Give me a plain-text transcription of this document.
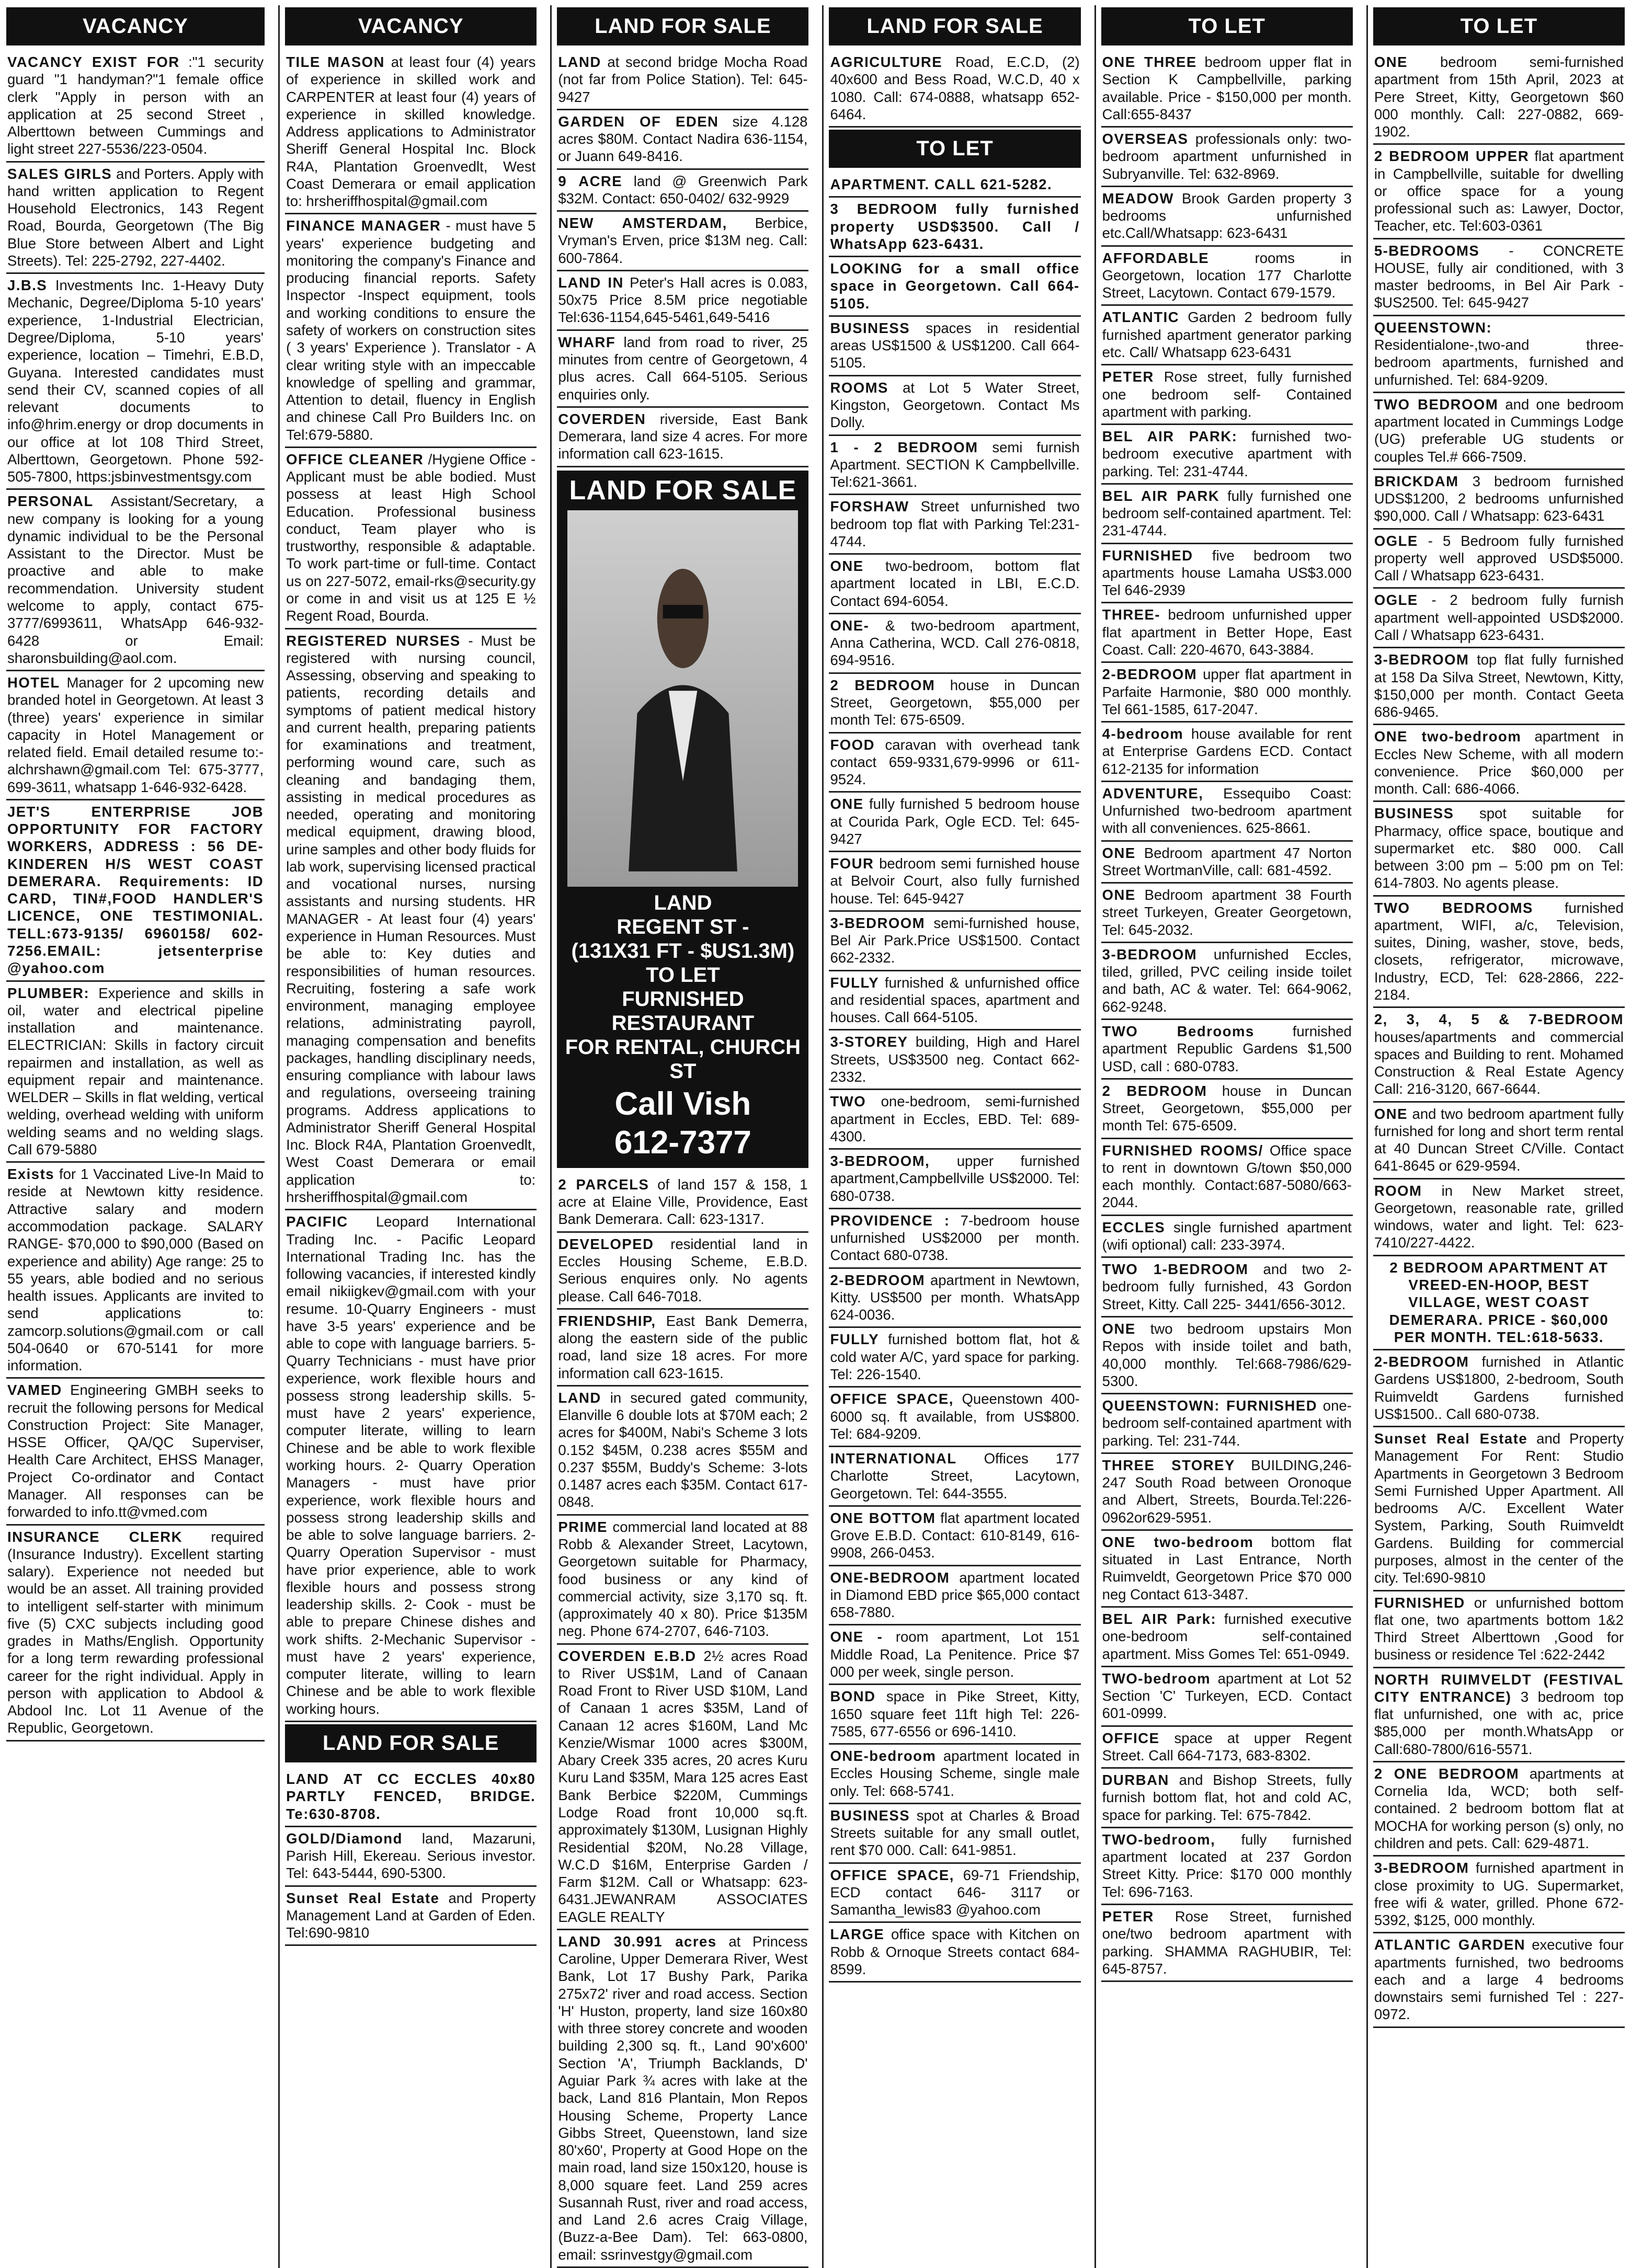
VACANCY
VACANCY EXIST FOR :"1 security guard "1 handyman?"1 female office clerk "Apply in person with an application at 25 second Street , Alberttown between Cummings and light street 227-5536/223-0504.
SALES GIRLS and Porters. Apply with hand written application to Regent Household Electronics, 143 Regent Road, Bourda, Georgetown (The Big Blue Store between Albert and Light Streets). Tel: 225-2792, 227-4402.
J.B.S Investments Inc. 1-Heavy Duty Mechanic, Degree/Diploma 5-10 years' experience, 1-Industrial Electrician, Degree/Diploma, 5-10 years' experience, location – Timehri, E.B.D, Guyana. Interested candidates must send their CV, scanned copies of all relevant documents to info@hrim.energy or drop documents in our office at lot 108 Third Street, Alberttown, Georgetown. Phone 592-505-7800, https:jsbinvestmentsgy.com
PERSONAL Assistant/Secretary, a new company is looking for a young dynamic individual to be the Personal Assistant to the Director. Must be proactive and able to make recommendation. University student welcome to apply, contact 675-3777/6993611, WhatsApp 646-932-6428 or Email: sharonsbuilding@aol.com.
HOTEL Manager for 2 upcoming new branded hotel in Georgetown. At least 3 (three) years' experience in similar capacity in Hotel Management or related field. Email detailed resume to:- alchrshawn@gmail.com Tel: 675-3777, 699-3611, whatsapp 1-646-932-6428.
JET'S ENTERPRISE JOB OPPORTUNITY FOR FACTORY WORKERS, ADDRESS : 56 DE-KINDEREN H/S WEST COAST DEMERARA. Requirements: ID CARD, TIN#,FOOD HANDLER'S LICENCE, ONE TESTIMONIAL. TELL:673-9135/ 6960158/ 602-7256.EMAIL: jetsenterprise @yahoo.com
PLUMBER: Experience and skills in oil, water and electrical pipeline installation and maintenance. ELECTRICIAN: Skills in factory circuit repairmen and installation, as well as equipment repair and maintenance. WELDER – Skills in flat welding, vertical welding, overhead welding with uniform welding seams and no welding slags. Call 679-5880
Exists for 1 Vaccinated Live-In Maid to reside at Newtown kitty residence. Attractive salary and modern accommodation package. SALARY RANGE- $70,000 to $90,000 (Based on experience and ability) Age range: 25 to 55 years, able bodied and no serious health issues. Applicants are invited to send applications to: zamcorp.solutions@gmail.com or call 504-0640 or 670-5141 for more information.
VAMED Engineering GMBH seeks to recruit the following persons for Medical Construction Project: Site Manager, HSSE Officer, QA/QC Superviser, Health Care Architect, EHSS Manager, Project Co-ordinator and Contact Manager. All responses can be forwarded to info.tt@vmed.com
INSURANCE CLERK required (Insurance Industry). Excellent starting salary). Experience not needed but would be an asset. All training provided to intelligent self-starter with minimum five (5) CXC subjects including good grades in Maths/English. Opportunity for a long term rewarding professional career for the right individual. Apply in person with application to Abdool & Abdool Inc. Lot 11 Avenue of the Republic, Georgetown.
VACANCY
TILE MASON at least four (4) years of experience in skilled work and CARPENTER at least four (4) years of experience in skilled knowledge. Address applications to Administrator Sheriff General Hospital Inc. Block R4A, Plantation Groenvedlt, West Coast Demerara or email application to: hrsheriffhospital@gmail.com
FINANCE MANAGER - must have 5 years' experience budgeting and monitoring the company's Finance and producing financial reports. Safety Inspector -Inspect equipment, tools and working conditions to ensure the safety of workers on construction sites ( 3 years' Experience ). Translator - A clear writing style with an impeccable knowledge of spelling and grammar, Attention to detail, fluency in English and chinese Call Pro Builders Inc. on Tel:679-5880.
OFFICE CLEANER /Hygiene Office - Applicant must be able bodied. Must possess at least High School Education. Professional business conduct, Team player who is trustworthy, responsible & adaptable. To work part-time or full-time. Contact us on 227-5072, email-rks@security.gy or come in and visit us at 125 E ½ Regent Road, Bourda.
REGISTERED NURSES - Must be registered with nursing council, Assessing, observing and speaking to patients, recording details and symptoms of patient medical history and current health, preparing patients for examinations and treatment, performing wound care, such as cleaning and bandaging them, assisting in medical procedures as needed, operating and monitoring medical equipment, drawing blood, urine samples and other body fluids for lab work, supervising licensed practical and vocational nurses, nursing assistants and nursing students. HR MANAGER - At least four (4) years' experience in Human Resources. Must be able to: Key duties and responsibilities of human resources. Recruiting, fostering a safe work environment, managing employee relations, administrating payroll, managing compensation and benefits packages, handling disciplinary needs, ensuring compliance with labour laws and regulations, overseeing training programs. Address applications to Administrator Sheriff General Hospital Inc. Block R4A, Plantation Groenvedlt, West Coast Demerara or email application to: hrsheriffhospital@gmail.com
PACIFIC Leopard International Trading Inc. - Pacific Leopard International Trading Inc. has the following vacancies, if interested kindly email nikiigkev@gmail.com with your resume. 10-Quarry Engineers - must have 3-5 years' experience and be able to cope with language barriers. 5-Quarry Technicians - must have prior experience, work flexible hours and possess strong leadership skills. 5-must have 2 years' experience, computer literate, willing to learn Chinese and be able to work flexible working hours. 2- Quarry Operation Managers - must have prior experience, work flexible hours and possess strong leadership skills and be able to solve language barriers. 2- Quarry Operation Supervisor - must have prior experience, able to work flexible hours and possess strong leadership skills. 2- Cook - must be able to prepare Chinese dishes and work shifts. 2-Mechanic Supervisor - must have 2 years' experience, computer literate, willing to learn Chinese and be able to work flexible working hours.
LAND FOR SALE
LAND AT CC ECCLES 40x80 PARTLY FENCED, BRIDGE. Te:630-8708.
GOLD/Diamond land, Mazaruni, Parish Hill, Ekereau. Serious investor. Tel: 643-5444, 690-5300.
Sunset Real Estate and Property Management Land at Garden of Eden. Tel:690-9810
LAND FOR SALE
LAND at second bridge Mocha Road (not far from Police Station). Tel: 645-9427
GARDEN OF EDEN size 4.128 acres $80M. Contact Nadira 636-1154, or Juann 649-8416.
9 ACRE land @ Greenwich Park $32M. Contact: 650-0402/ 632-9929
NEW AMSTERDAM, Berbice, Vryman's Erven, price $13M neg. Call: 600-7864.
LAND IN Peter's Hall acres is 0.083, 50x75 Price 8.5M price negotiable Tel:636-1154,645-5461,649-5416
WHARF land from road to river, 25 minutes from centre of Georgetown, 4 plus acres. Call 664-5105. Serious enquiries only.
COVERDEN riverside, East Bank Demerara, land size 4 acres. For more information call 623-1615.
LAND FOR SALE
LAND
REGENT ST -
(131X31 FT - $US1.3M)
TO LET
FURNISHED RESTAURANT
FOR RENTAL, CHURCH ST
Call Vish
612-7377
2 PARCELS of land 157 & 158, 1 acre at Elaine Ville, Providence, East Bank Demerara. Call: 623-1317.
DEVELOPED residential land in Eccles Housing Scheme, E.B.D. Serious enquires only. No agents please. Call 646-7018.
FRIENDSHIP, East Bank Demerra, along the eastern side of the public road, land size 18 acres. For more information call 623-1615.
LAND in secured gated community, Elanville 6 double lots at $70M each; 2 acres for $400M, Nabi's Scheme 3 lots 0.152 $45M, 0.238 acres $55M and 0.237 $55M, Buddy's Scheme: 3-lots 0.1487 acres each $35M. Contact 617-0848.
PRIME commercial land located at 88 Robb & Alexander Street, Lacytown, Georgetown suitable for Pharmacy, food business or any kind of commercial activity, size 3,170 sq. ft. (approximately 40 x 80). Price $135M neg. Phone 674-2707, 646-7103.
COVERDEN E.B.D 2½ acres Road to River US$1M, Land of Canaan Road Front to River USD $10M, Land of Canaan 1 acres $35M, Land of Canaan 12 acres $160M, Land Mc Kenzie/Wismar 1000 acres $300M, Abary Creek 335 acres, 20 acres Kuru Kuru Land $35M, Mara 125 acres East Bank Berbice $220M, Cummings Lodge Road front 10,000 sq.ft. approximately $130M, Lusignan Highly Residential $20M, No.28 Village, W.C.D $16M, Enterprise Garden / Farm $12M. Call or Whatsapp: 623-6431.JEWANRAM ASSOCIATES EAGLE REALTY
LAND 30.991 acres at Princess Caroline, Upper Demerara River, West Bank, Lot 17 Bushy Park, Parika 275x72' river and road access. Section 'H' Huston, property, land size 160x80 with three storey concrete and wooden building 2,300 sq. ft., Land 90'x600' Section 'A', Triumph Backlands, D' Aguiar Park ¾ acres with lake at the back, Land 816 Plantain, Mon Repos Housing Scheme, Property Lance Gibbs Street, Queenstown, land size 80'x60', Property at Good Hope on the main road, land size 150x120, house is 8,000 square feet. Land 259 acres Susannah Rust, river and road access, and Land 2.6 acres Craig Village, (Buzz-a-Bee Dam). Tel: 663-0800, email: ssrinvestgy@gmail.com
LAND FOR SALE
AGRICULTURE Road, E.C.D, (2) 40x600 and Bess Road, W.C.D, 40 x 1080. Call: 674-0888, whatsapp 652-6464.
TO LET
APARTMENT. CALL 621-5282.
3 BEDROOM fully furnished property USD$3500. Call / WhatsApp 623-6431.
LOOKING for a small office space in Georgetown. Call 664-5105.
BUSINESS spaces in residential areas US$1500 & US$1200. Call 664-5105.
ROOMS at Lot 5 Water Street, Kingston, Georgetown. Contact Ms Dolly.
1 - 2 BEDROOM semi furnish Apartment. SECTION K Campbellville. Tel:621-3661.
FORSHAW Street unfurnished two bedroom top flat with Parking Tel:231-4744.
ONE two-bedroom, bottom flat apartment located in LBI, E.C.D. Contact 694-6054.
ONE- & two-bedroom apartment, Anna Catherina, WCD. Call 276-0818, 694-9516.
2 BEDROOM house in Duncan Street, Georgetown, $55,000 per month Tel: 675-6509.
FOOD caravan with overhead tank contact 659-9331,679-9996 or 611-9524.
ONE fully furnished 5 bedroom house at Courida Park, Ogle ECD. Tel: 645-9427
FOUR bedroom semi furnished house at Belvoir Court, also fully furnished house. Tel: 645-9427
3-BEDROOM semi-furnished house, Bel Air Park.Price US$1500. Contact 662-2332.
FULLY furnished & unfurnished office and residential spaces, apartment and houses. Call 664-5105.
3-STOREY building, High and Harel Streets, US$3500 neg. Contact 662-2332.
TWO one-bedroom, semi-furnished apartment in Eccles, EBD. Tel: 689-4300.
3-BEDROOM, upper furnished apartment,Campbellville US$2000. Tel: 680-0738.
PROVIDENCE : 7-bedroom house unfurnished US$2000 per month. Contact 680-0738.
2-BEDROOM apartment in Newtown, Kitty. US$500 per month. WhatsApp 624-0036.
FULLY furnished bottom flat, hot & cold water A/C, yard space for parking. Tel: 226-1540.
OFFICE SPACE, Queenstown 400-6000 sq. ft available, from US$800. Tel: 684-9209.
INTERNATIONAL Offices 177 Charlotte Street, Lacytown, Georgetown. Tel: 644-3555.
ONE BOTTOM flat apartment located Grove E.B.D. Contact: 610-8149, 616-9908, 266-0453.
ONE-BEDROOM apartment located in Diamond EBD price $65,000 contact 658-7880.
ONE - room apartment, Lot 151 Middle Road, La Penitence. Price $7 000 per week, single person.
BOND space in Pike Street, Kitty, 1650 square feet 11ft high Tel: 226-7585, 677-6556 or 696-1410.
ONE-bedroom apartment located in Eccles Housing Scheme, single male only. Tel: 668-5741.
BUSINESS spot at Charles & Broad Streets suitable for any small outlet, rent $70 000. Call: 641-9851.
OFFICE SPACE, 69-71 Friendship, ECD contact 646- 3117 or Samantha_lewis83 @yahoo.com
LARGE office space with Kitchen on Robb & Ornoque Streets contact 684-8599.
TO LET
ONE THREE bedroom upper flat in Section K Campbellville, parking available. Price - $150,000 per month. Call:655-8437
OVERSEAS professionals only: two-bedroom apartment unfurnished in Subryanville. Tel: 632-8969.
MEADOW Brook Garden property 3 bedrooms unfurnished etc.Call/Whatsapp: 623-6431
AFFORDABLE	rooms in Georgetown, location 177 Charlotte Street, Lacytown. Contact 679-1579.
ATLANTIC Garden 2 bedroom fully furnished apartment generator parking etc. Call/ Whatsapp 623-6431
PETER Rose street, fully furnished one bedroom self- Contained apartment with parking.
BEL AIR PARK: furnished two-bedroom executive apartment with parking. Tel: 231-4744.
BEL AIR PARK fully furnished one bedroom self-contained apartment. Tel: 231-4744.
FURNISHED five bedroom two apartments house Lamaha US$3.000 Tel 646-2939
THREE- bedroom unfurnished upper flat apartment in Better Hope, East Coast. Call: 220-4670, 643-3884.
2-BEDROOM upper flat apartment in Parfaite Harmonie, $80 000 monthly. Tel 661-1585, 617-2047.
4-bedroom house available for rent at Enterprise Gardens ECD. Contact 612-2135 for information
ADVENTURE, Essequibo Coast: Unfurnished two-bedroom apartment with all conveniences. 625-8661.
ONE Bedroom apartment 47 Norton Street WortmanVille, call: 681-4592.
ONE Bedroom apartment 38 Fourth street Turkeyen, Greater Georgetown, Tel: 645-2032.
3-BEDROOM unfurnished Eccles, tiled, grilled, PVC ceiling inside toilet and bath, AC & water. Tel: 664-9062, 662-9248.
TWO Bedrooms	furnished apartment Republic Gardens $1,500 USD, call : 680-0783.
2 BEDROOM house in Duncan Street, Georgetown, $55,000 per month Tel: 675-6509.
FURNISHED ROOMS/ Office space to rent in downtown G/town $50,000 each monthly. Contact:687-5080/663-2044.
ECCLES single furnished apartment (wifi optional) call: 233-3974.
TWO 1-BEDROOM and two 2-bedroom fully furnished, 43 Gordon Street, Kitty. Call 225- 3441/656-3012.
ONE two bedroom upstairs Mon Repos with inside toilet and bath, 40,000 monthly. Tel:668-7986/629-5300.
QUEENSTOWN: FURNISHED one-bedroom self-contained apartment with parking. Tel: 231-744.
THREE STOREY BUILDING,246-247 South Road between Oronoque and Albert, Streets, Bourda.Tel:226-0962or629-5951.
ONE two-bedroom bottom flat situated in Last Entrance, North Ruimveldt, Georgetown Price $70 000 neg Contact 613-3487.
BEL AIR Park: furnished executive one-bedroom self-contained apartment. Miss Gomes Tel: 651-0949.
TWO-bedroom apartment at Lot 52 Section 'C' Turkeyen, ECD. Contact 601-0999.
OFFICE space at upper Regent Street. Call 664-7173, 683-8302.
DURBAN and Bishop Streets, fully furnish bottom flat, hot and cold AC, space for parking. Tel: 675-7842.
TWO-bedroom, fully furnished apartment located at 237 Gordon Street Kitty. Price: $170 000 monthly Tel: 696-7163.
PETER Rose Street, furnished one/two bedroom apartment with parking. SHAMMA RAGHUBIR, Tel: 645-8757.
TO LET
ONE bedroom semi-furnished apartment from 15th April, 2023 at Pere Street, Kitty, Georgetown $60 000 monthly. Call: 227-0882, 669-1902.
2 BEDROOM UPPER flat apartment in Campbellville, suitable for dwelling or office space for a young professional such as: Lawyer, Doctor, Teacher, etc. Tel:603-0361
5-BEDROOMS - CONCRETE HOUSE, fully air conditioned, with 3 master bedrooms, in Bel Air Park - $US2500. Tel: 645-9427
QUEENSTOWN: Residentialone-,two-and three-bedroom apartments, furnished and unfurnished. Tel: 684-9209.
TWO BEDROOM and one bedroom apartment located in Cummings Lodge (UG) preferable UG students or couples Tel.# 666-7509.
BRICKDAM 3 bedroom furnished UDS$1200, 2 bedrooms unfurnished $90,000. Call / Whatsapp: 623-6431
OGLE - 5 Bedroom fully furnished property well approved USD$5000. Call / Whatsapp 623-6431.
OGLE - 2 bedroom fully furnish apartment well-appointed USD$2000. Call / Whatsapp 623-6431.
3-BEDROOM top flat fully furnished at 158 Da Silva Street, Newtown, Kitty, $150,000 per month. Contact Geeta 686-9465.
ONE two-bedroom apartment in Eccles New Scheme, with all modern convenience. Price $60,000 per month. Call: 686-4066.
BUSINESS spot suitable for Pharmacy, office space, boutique and supermarket etc. $80 000. Call between 3:00 pm – 5:00 pm on Tel: 614-7803. No agents please.
TWO BEDROOMS furnished apartment, WIFI, a/c, Television, suites, Dining, washer, stove, beds, closets, refrigerator, microwave, Industry, ECD, Tel: 628-2866, 222-2184.
2, 3, 4, 5 & 7-BEDROOM houses/apartments and commercial spaces and Building to rent. Mohamed Construction & Real Estate Agency Call: 216-3120, 667-6644.
ONE and two bedroom apartment fully furnished for long and short term rental at 40 Duncan Street C/Ville. Contact 641-8645 or 629-9594.
ROOM in New Market street, Georgetown, reasonable rate, grilled windows, water and light. Tel: 623-7410/227-4422.
2 BEDROOM APARTMENT AT VREED-EN-HOOP, BEST VILLAGE, WEST COAST DEMERARA. PRICE - $60,000 PER MONTH. TEL:618-5633.
2-BEDROOM furnished in Atlantic Gardens US$1800, 2-bedroom, South Ruimveldt Gardens furnished US$1500.. Call 680-0738.
Sunset Real Estate and Property Management For Rent: Studio Apartments in Georgetown 3 Bedroom Semi Furnished Upper Apartment. All bedrooms A/C. Excellent Water System, Parking, South Ruimveldt Gardens. Building for commercial purposes, almost in the center of the city. Tel:690-9810
FURNISHED or unfurnished bottom flat one, two apartments bottom 1&2 Third Street Alberttown ,Good for business or residence Tel :622-2442
NORTH RUIMVELDT (FESTIVAL CITY ENTRANCE) 3 bedroom top flat unfurnished, one with ac, price $85,000 per month.WhatsApp or Call:680-7800/616-5571.
2 ONE BEDROOM apartments at Cornelia Ida, WCD; both self-contained. 2 bedroom bottom flat at MOCHA for working person (s) only, no children and pets. Call: 629-4871.
3-BEDROOM furnished apartment in close proximity to UG. Supermarket, free wifi & water, grilled. Phone 672-5392, $125, 000 monthly.
ATLANTIC GARDEN executive four apartments furnished, two bedrooms each and a large 4 bedrooms downstairs semi furnished Tel : 227-0972.
